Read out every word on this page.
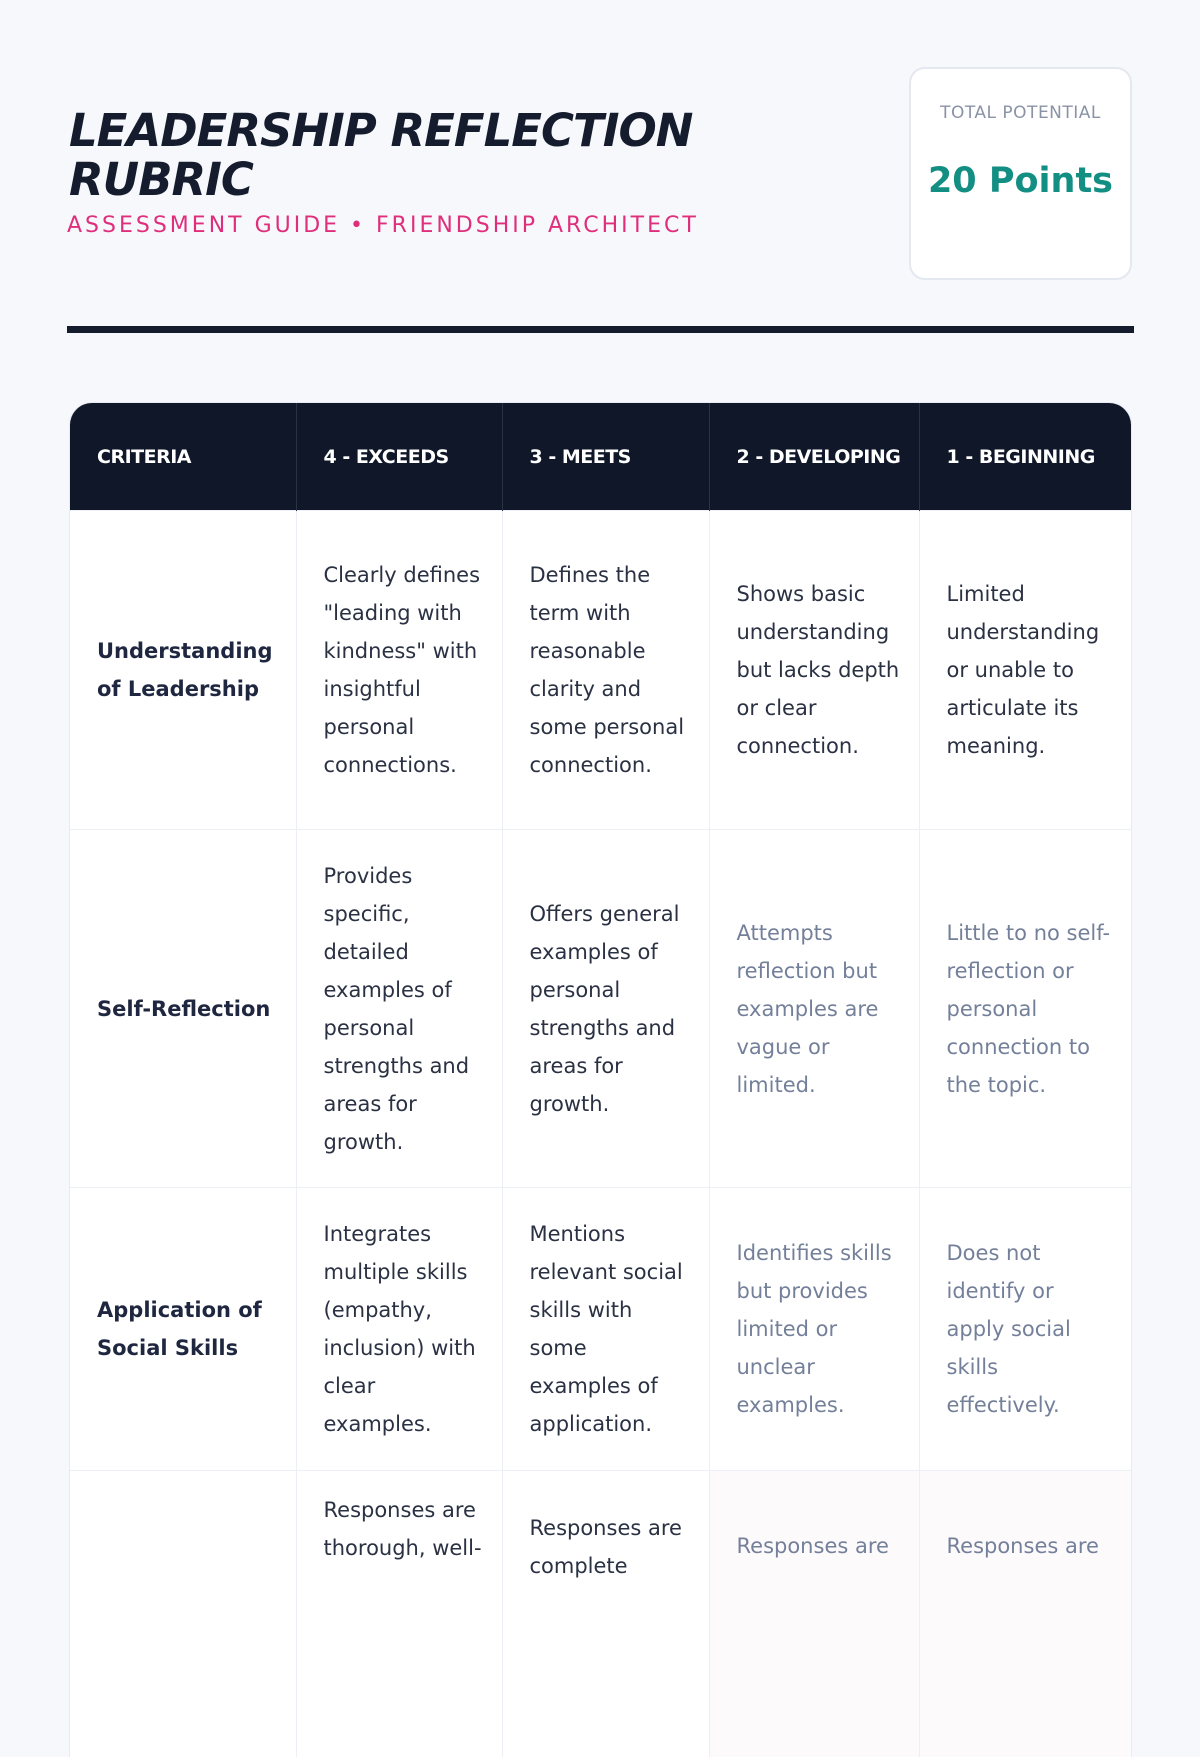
LEADERSHIP REFLECTION RUBRIC
ASSESSMENT GUIDE • FRIENDSHIP ARCHITECT
TOTAL POTENTIAL
20 Points
CRITERIA	4 - EXCEEDS	3 - MEETS	2 - DEVELOPING	1 - BEGINNING
Understanding of Leadership	Clearly defines "leading with kindness" with insightful personal connections.	Defines the term with reasonable clarity and some personal connection.	Shows basic understanding but lacks depth or clear connection.	Limited understanding or unable to articulate its meaning.
Self-Reflection	Provides specific, detailed examples of personal strengths and areas for growth.	Offers general examples of personal strengths and areas for growth.	Attempts reflection but examples are vague or limited.	Little to no self-reflection or personal connection to the topic.
Application of Social Skills	Integrates multiple skills (empathy, inclusion) with clear examples.	Mentions relevant social skills with some examples of application.	Identifies skills but provides limited or unclear examples.	Does not identify or apply social skills effectively.
	Responses are thorough, well-	Responses are complete	Responses are	Responses are
